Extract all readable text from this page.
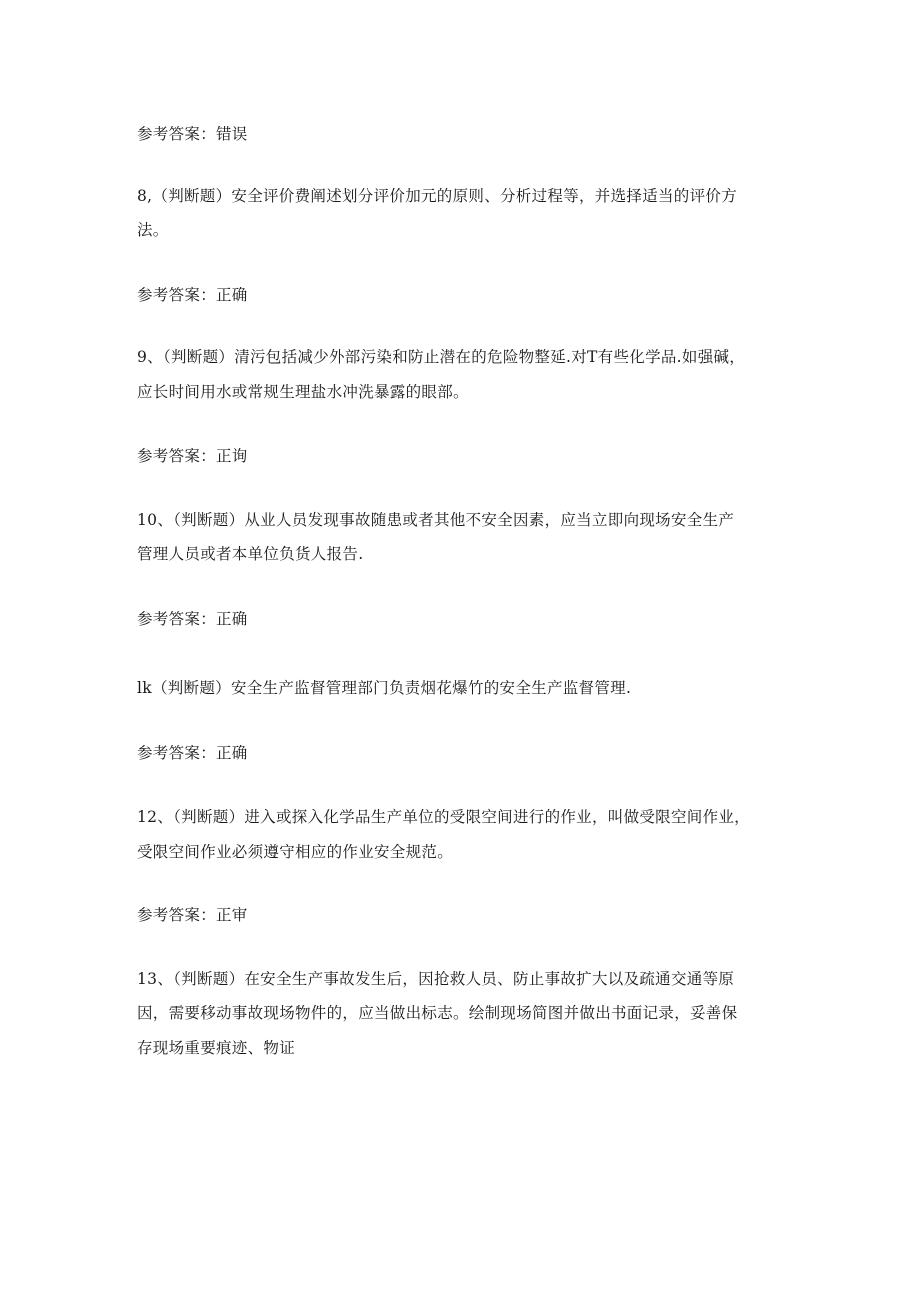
参考答案：错误
8,（判断题）安全评价费阐述划分评价加元的原则、分析过程等，并选择适当的评价方
法。
参考答案：正确
9、（判断题）清污包括减少外部污染和防止潜在的危险物整延.对T有些化学品.如强碱，
应长时间用水或常规生理盐水冲洗暴露的眼部。
参考答案：正询
10、（判断题）从业人员发现事故随患或者其他不安全因素，应当立即向现场安全生产
管理人员或者本单位负货人报告.
参考答案：正确
lk（判断题）安全生产监督管理部门负责烟花爆竹的安全生产监督管理.
参考答案：正确
12、（判断题）进入或探入化学品生产单位的受限空间进行的作业，叫做受限空间作业，
受限空间作业必须遵守相应的作业安全规范。
参考答案：正审
13、（判断题）在安全生产事故发生后，因抢救人员、防止事故扩大以及疏通交通等原
因，需要移动事故现场物件的，应当做出标志。绘制现场简图并做出书面记录，妥善保
存现场重要痕迹、物证
